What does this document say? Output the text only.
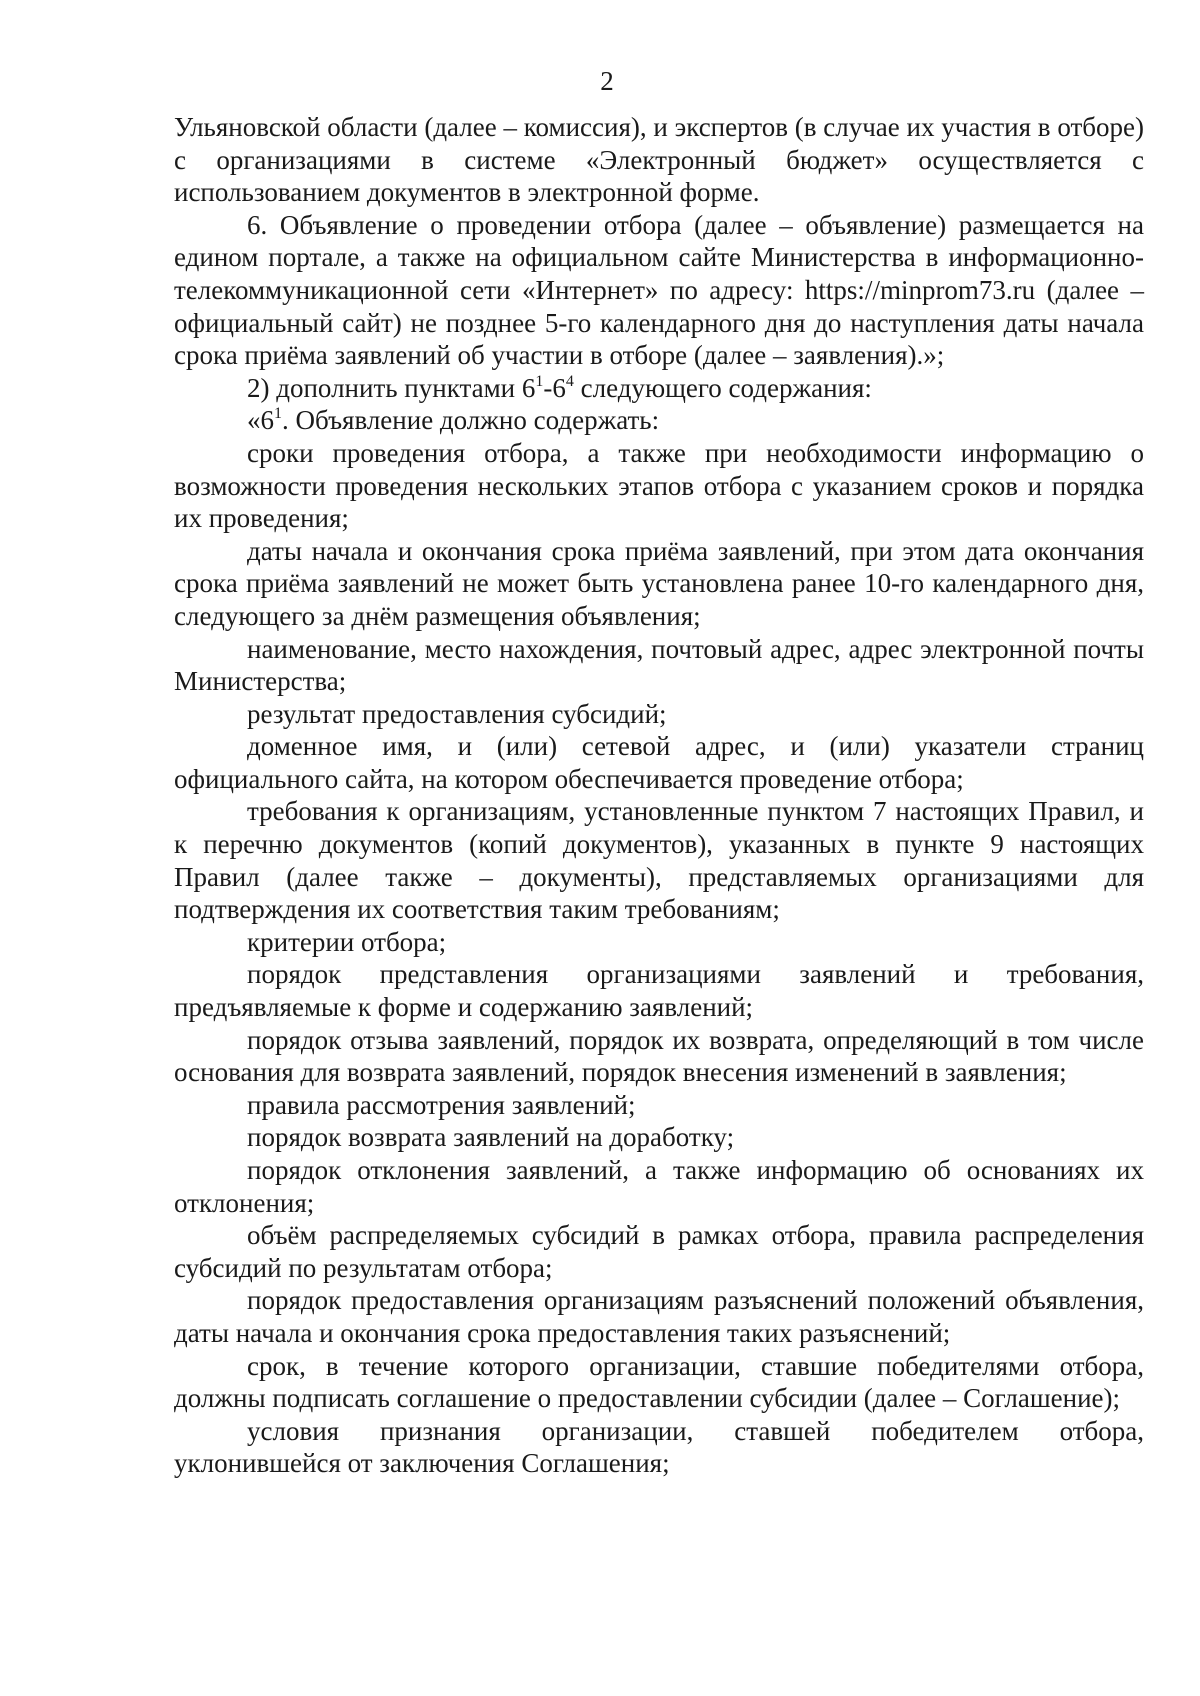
2

Ульяновской области (далее – комиссия), и экспертов (в случае их участия в отборе) с организациями в системе «Электронный бюджет» осуществляется с использованием документов в электронной форме.

6. Объявление о проведении отбора (далее – объявление) размещается на едином портале, а также на официальном сайте Министерства в информационно-телекоммуникационной сети «Интернет» по адресу: https://minprom73.ru (далее – официальный сайт) не позднее 5-го календарного дня до наступления даты начала срока приёма заявлений об участии в отборе (далее – заявления).»;

2) дополнить пунктами $6^1-6^4$ следующего содержания:

«$6^1$. Объявление должно содержать:

сроки проведения отбора, а также при необходимости информацию о возможности проведения нескольких этапов отбора с указанием сроков и порядка их проведения;

даты начала и окончания срока приёма заявлений, при этом дата окончания срока приёма заявлений не может быть установлена ранее 10-го календарного дня, следующего за днём размещения объявления;

наименование, место нахождения, почтовый адрес, адрес электронной почты Министерства;

результат предоставления субсидий;

доменное имя, и (или) сетевой адрес, и (или) указатели страниц официального сайта, на котором обеспечивается проведение отбора;

требования к организациям, установленные пунктом 7 настоящих Правил, и к перечню документов (копий документов), указанных в пункте 9 настоящих Правил (далее также – документы), представляемых организациями для подтверждения их соответствия таким требованиям;

критерии отбора;

порядок представления организациями заявлений и требования, предъявляемые к форме и содержанию заявлений;

порядок отзыва заявлений, порядок их возврата, определяющий в том числе основания для возврата заявлений, порядок внесения изменений в заявления;

правила рассмотрения заявлений;

порядок возврата заявлений на доработку;

порядок отклонения заявлений, а также информацию об основаниях их отклонения;

объём распределяемых субсидий в рамках отбора, правила распределения субсидий по результатам отбора;

порядок предоставления организациям разъяснений положений объявления, даты начала и окончания срока предоставления таких разъяснений;

срок, в течение которого организации, ставшие победителями отбора, должны подписать соглашение о предоставлении субсидии (далее – Соглашение);

условия признания организации, ставшей победителем отбора, уклонившейся от заключения Соглашения;
